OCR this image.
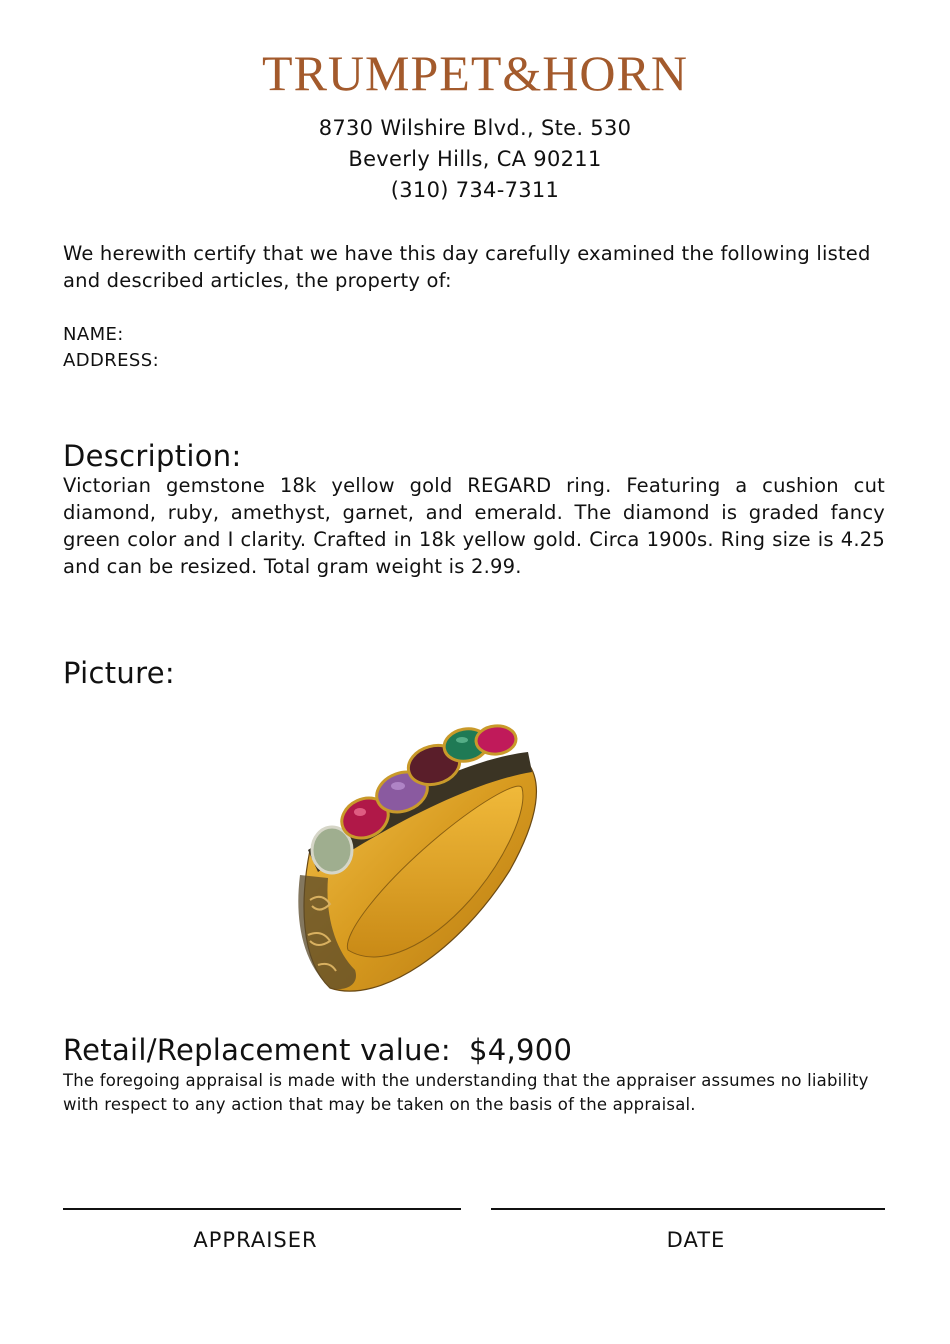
TRUMPET&HORN
8730 Wilshire Blvd., Ste. 530
Beverly Hills, CA 90211
(310) 734-7311
We herewith certify that we have this day carefully examined the following listed and described articles, the property of:
NAME:
ADDRESS:
Description:
Victorian gemstone 18k yellow gold REGARD ring. Featuring a cushion cut diamond, ruby, amethyst, garnet, and emerald. The diamond is graded fancy green color and I clarity. Crafted in 18k yellow gold. Circa 1900s. Ring size is 4.25 and can be resized. Total gram weight is 2.99.
Picture:
Retail/Replacement value: $4,900
The foregoing appraisal is made with the understanding that the appraiser assumes no liability with respect to any action that may be taken on the basis of the appraisal.
APPRAISER	DATE
